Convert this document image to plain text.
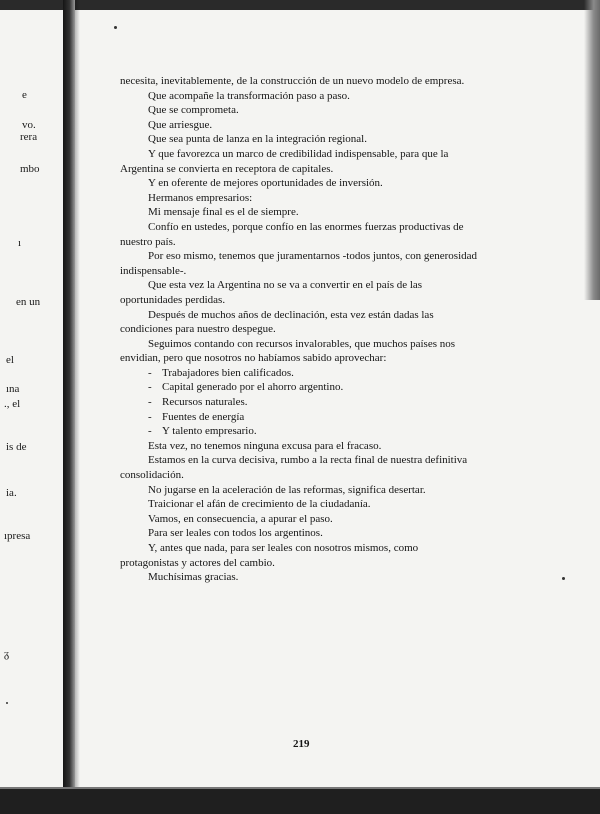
e
vo.
rera
mbo
ı
en un
el
ına
., el
is de
ia.
ıpresa
ᵹ
necesita, inevitablemente, de la construcción de un nuevo modelo de empresa.
Que acompañe la transformación paso a paso.
Que se comprometa.
Que arriesgue.
Que sea punta de lanza en la integración regional.
Y que favorezca un marco de credibilidad indispensable, para que la
Argentina se convierta en receptora de capitales.
Y en oferente de mejores oportunidades de inversión.
Hermanos empresarios:
Mi mensaje final es el de siempre.
Confío en ustedes, porque confío en las enormes fuerzas productivas de
nuestro país.
Por eso mismo, tenemos que juramentarnos -todos juntos, con generosidad
indispensable-.
Que esta vez la Argentina no se va a convertir en el país de las
oportunidades perdidas.
Después de muchos años de declinación, esta vez están dadas las
condiciones para nuestro despegue.
Seguimos contando con recursos invalorables, que muchos países nos
envidian, pero que nosotros no habíamos sabido aprovechar:
- Trabajadores bien calificados.
- Capital generado por el ahorro argentino.
- Recursos naturales.
- Fuentes de energía
- Y talento empresario.
Esta vez, no tenemos ninguna excusa para el fracaso.
Estamos en la curva decisiva, rumbo a la recta final de nuestra definitiva
consolidación.
No jugarse en la aceleración de las reformas, significa desertar.
Traicionar el afán de crecimiento de la ciudadanía.
Vamos, en consecuencia, a apurar el paso.
Para ser leales con todos los argentinos.
Y, antes que nada, para ser leales con nosotros mismos, como
protagonistas y actores del cambio.
Muchísimas gracias.
219
